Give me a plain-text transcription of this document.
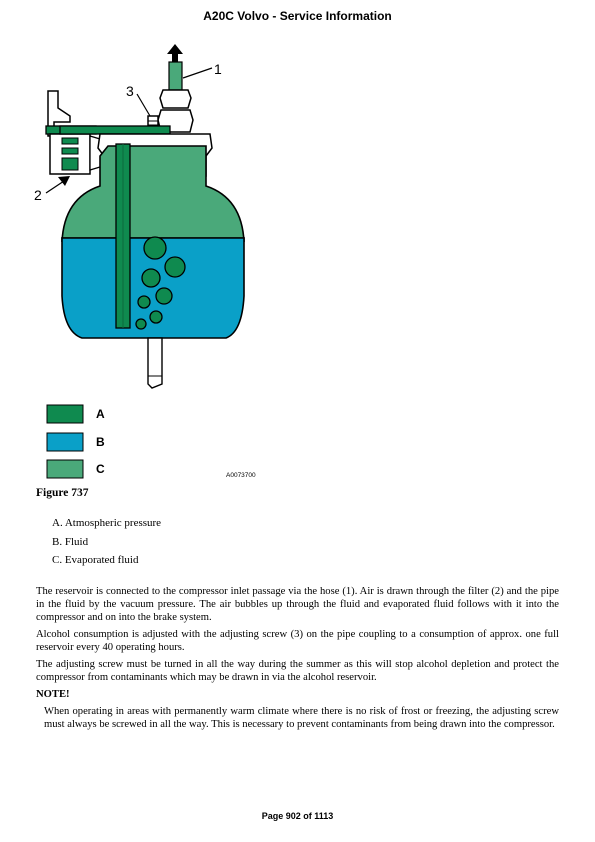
A20C Volvo - Service Information
1
3
2
A
B
C	A0073700
Figure 737
A. Atmospheric pressure
B. Fluid
C. Evaporated fluid

The reservoir is connected to the compressor inlet passage via the hose (1). Air is drawn through the filter (2) and the pipe in the fluid by the vacuum pressure. The air bubbles up through the fluid and evaporated fluid follows with it into the compressor and on into the brake system.

Alcohol consumption is adjusted with the adjusting screw (3) on the pipe coupling to a consumption of approx. one full reservoir every 40 operating hours.

The adjusting screw must be turned in all the way during the summer as this will stop alcohol depletion and protect the compressor from contaminants which may be drawn in via the alcohol reservoir.

NOTE!

When operating in areas with permanently warm climate where there is no risk of frost or freezing, the adjusting screw must always be screwed in all the way. This is necessary to prevent contaminants from being drawn into the compressor.

Page 902 of 1113
